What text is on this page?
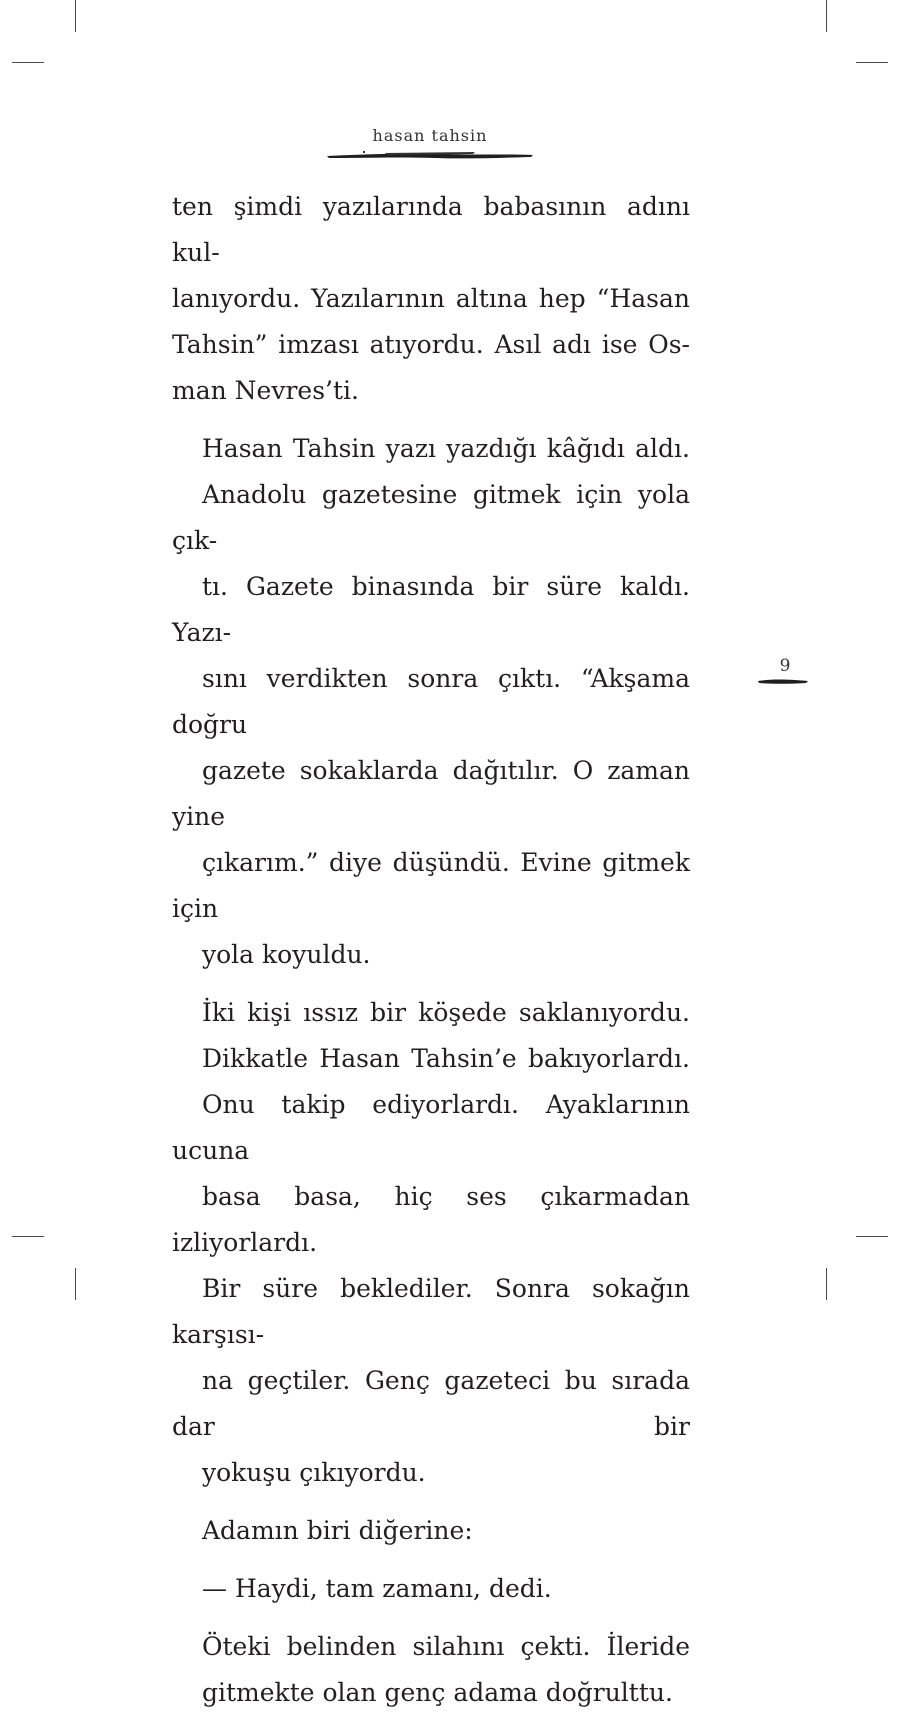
hasan tahsin
9

ten şimdi yazılarında babasının adını kul-
lanıyordu. Yazılarının altına hep “Hasan
Tahsin” imzası atıyordu. Asıl adı ise Os-
man Nevres’ti.

Hasan Tahsin yazı yazdığı kâğıdı aldı.
Anadolu gazetesine gitmek için yola çık-
tı. Gazete binasında bir süre kaldı. Yazı-
sını verdikten sonra çıktı. “Akşama doğru
gazete sokaklarda dağıtılır. O zaman yine
çıkarım.” diye düşündü. Evine gitmek için
yola koyuldu.

İki kişi ıssız bir köşede saklanıyordu.
Dikkatle Hasan Tahsin’e bakıyorlardı.
Onu takip ediyorlardı. Ayaklarının ucuna
basa basa, hiç ses çıkarmadan izliyorlardı.
Bir süre beklediler. Sonra sokağın karşısı-
na geçtiler. Genç gazeteci bu sırada dar bir
yokuşu çıkıyordu.

Adamın biri diğerine:

— Haydi, tam zamanı, dedi.

Öteki belinden silahını çekti. İleride
gitmekte olan genç adama doğrulttu.
